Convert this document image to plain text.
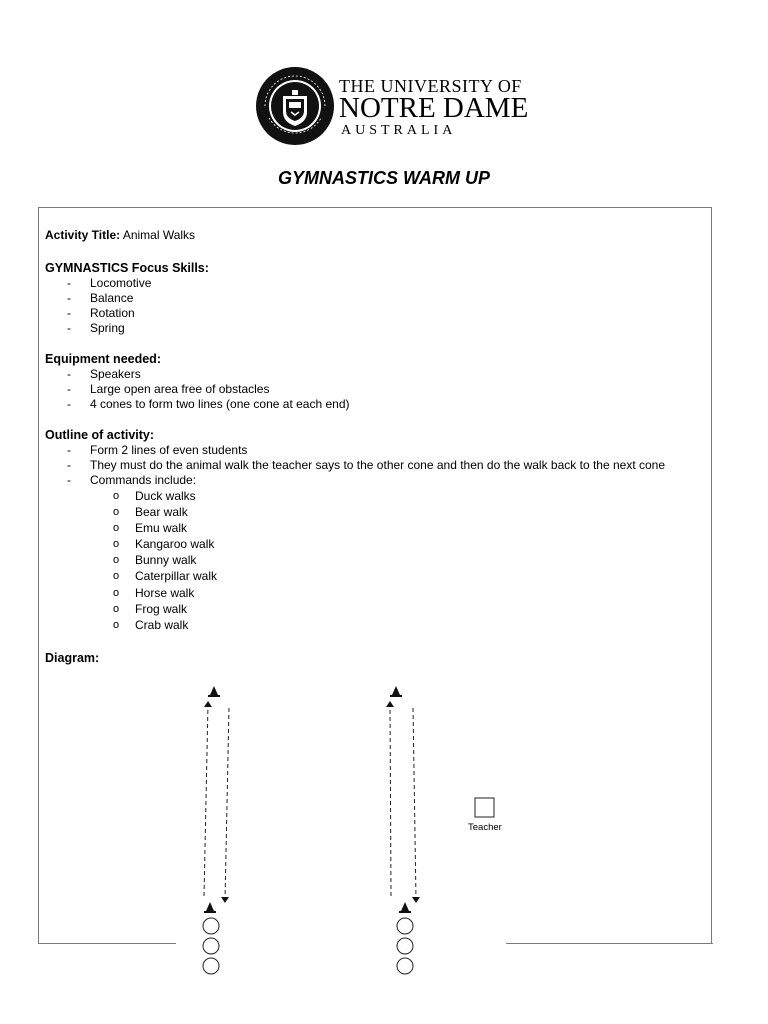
THE UNIVERSITY OF
NOTRE DAME
AUSTRALIA
GYMNASTICS WARM UP
Activity Title: Animal Walks
GYMNASTICS Focus Skills:
- Locomotive
- Balance
- Rotation
- Spring
Equipment needed:
- Speakers
- Large open area free of obstacles
- 4 cones to form two lines (one cone at each end)
Outline of activity:
- Form 2 lines of even students
- They must do the animal walk the teacher says to the other cone and then do the walk back to the next cone
- Commands include:
o Duck walks
o Bear walk
o Emu walk
o Kangaroo walk
o Bunny walk
o Caterpillar walk
o Horse walk
o Frog walk
o Crab walk
Diagram:
Teacher
